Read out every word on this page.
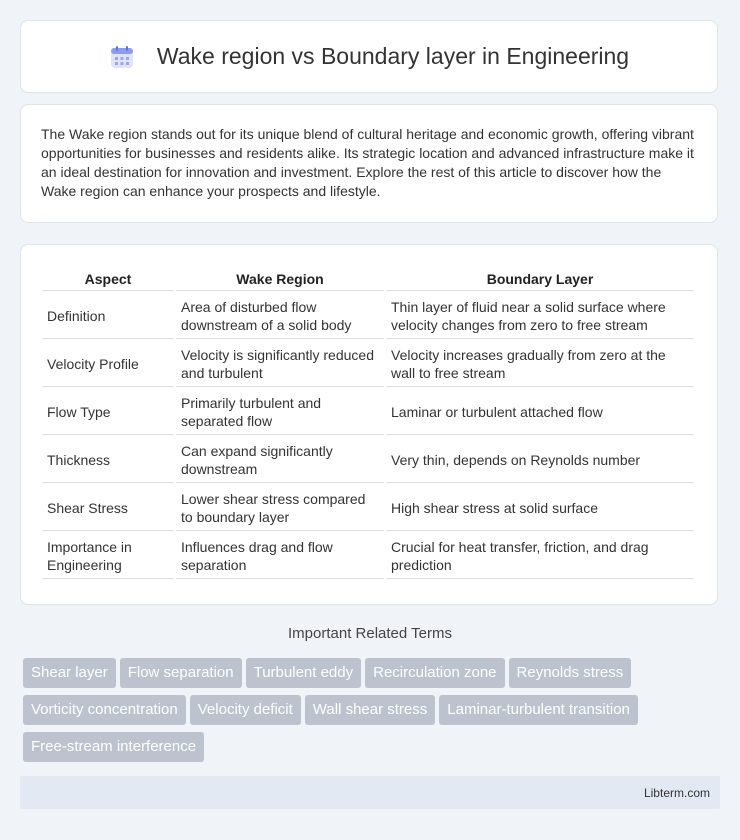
Wake region vs Boundary layer in Engineering
The Wake region stands out for its unique blend of cultural heritage and economic growth, offering vibrant opportunities for businesses and residents alike. Its strategic location and advanced infrastructure make it an ideal destination for innovation and investment. Explore the rest of this article to discover how the Wake region can enhance your prospects and lifestyle.
Aspect	Wake Region	Boundary Layer
Definition	Area of disturbed flow downstream of a solid body	Thin layer of fluid near a solid surface where velocity changes from zero to free stream
Velocity Profile	Velocity is significantly reduced and turbulent	Velocity increases gradually from zero at the wall to free stream
Flow Type	Primarily turbulent and separated flow	Laminar or turbulent attached flow
Thickness	Can expand significantly downstream	Very thin, depends on Reynolds number
Shear Stress	Lower shear stress compared to boundary layer	High shear stress at solid surface
Importance in Engineering	Influences drag and flow separation	Crucial for heat transfer, friction, and drag prediction
Important Related Terms
Shear layer Flow separation Turbulent eddy Recirculation zone Reynolds stressVorticity concentration Velocity deficit Wall shear stress Laminar-turbulent transitionFree-stream interference
Libterm.com
